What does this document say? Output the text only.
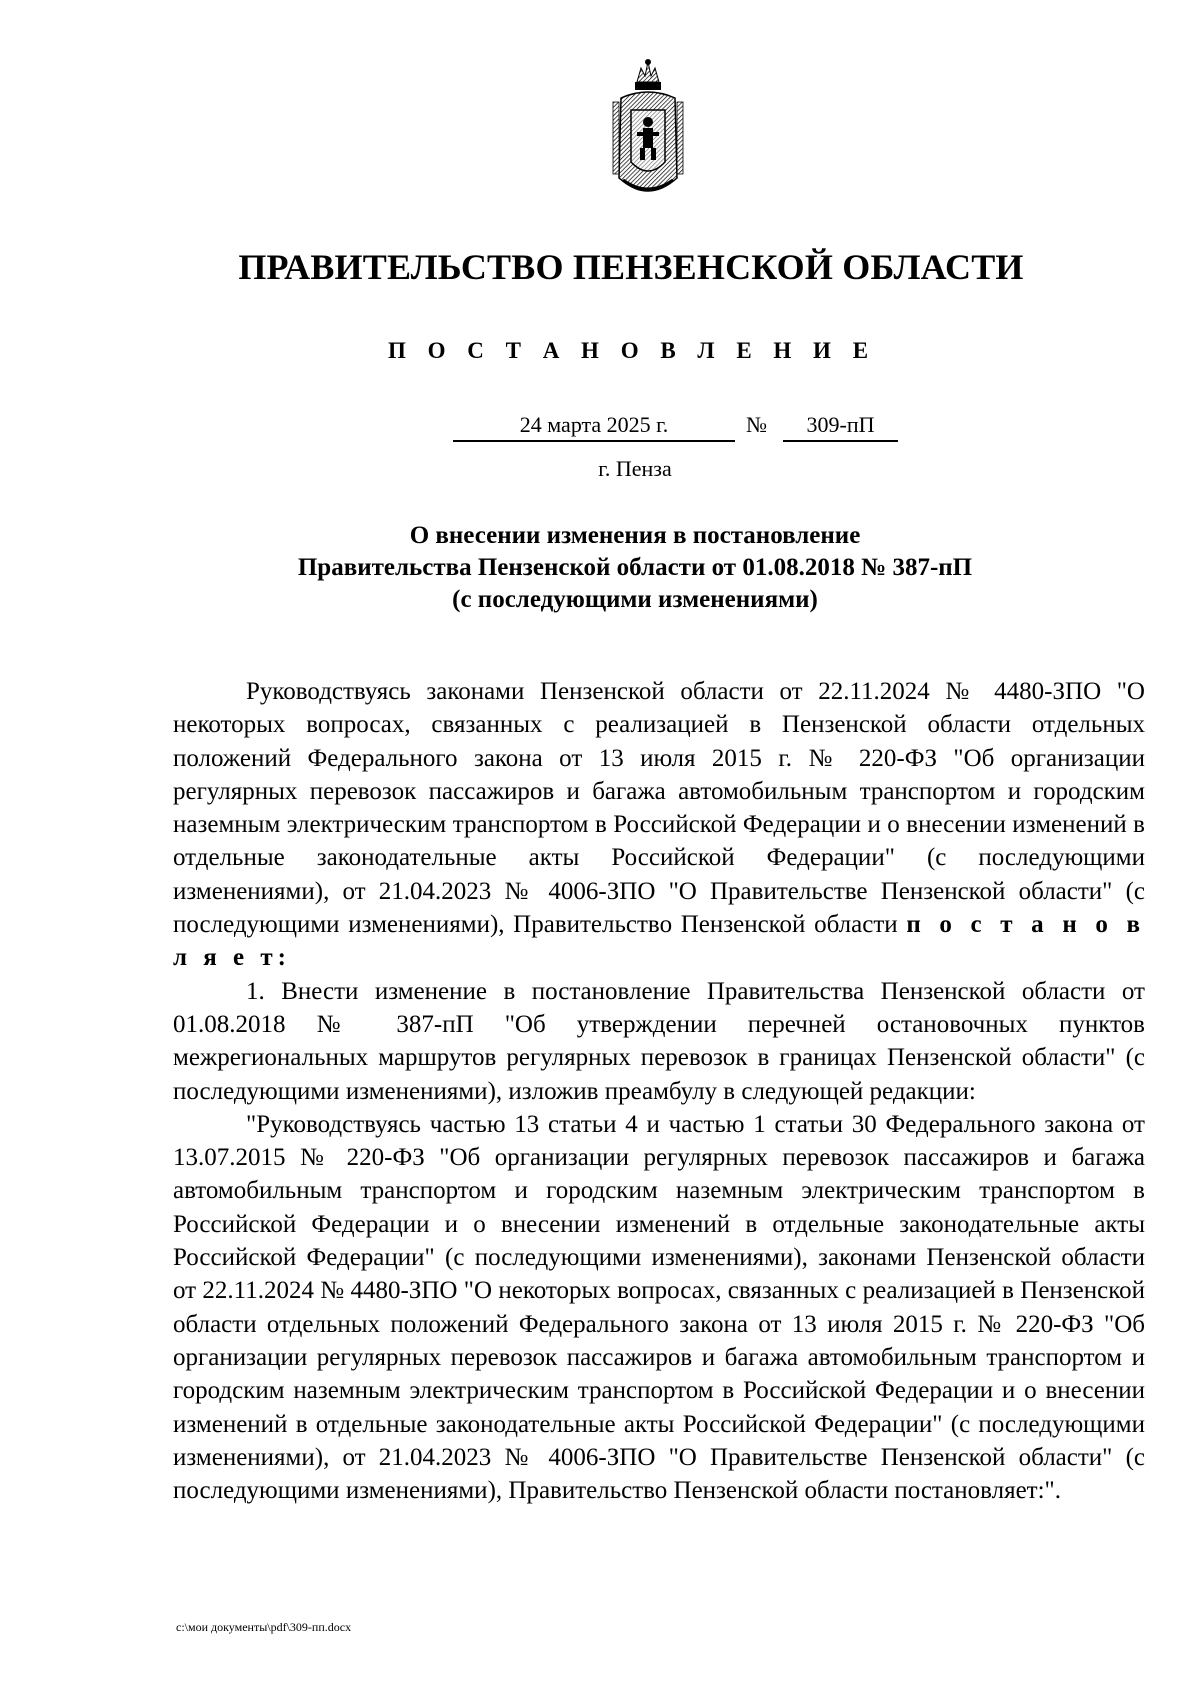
ПРАВИТЕЛЬСТВО ПЕНЗЕНСКОЙ ОБЛАСТИ
П О С Т А Н О В Л Е Н И Е
24 марта 2025 г.	№	309-пП
г. Пенза
О внесении изменения в постановление
Правительства Пензенской области от 01.08.2018 № 387-пП
(с последующими изменениями)

Руководствуясь законами Пензенской области от 22.11.2024 № 4480-ЗПО "О некоторых вопросах, связанных с реализацией в Пензенской области отдельных положений Федерального закона от 13 июля 2015 г. № 220-ФЗ "Об организации регулярных перевозок пассажиров и багажа автомобильным транспортом и городским наземным электрическим транспортом в Российской Федерации и о внесении изменений в отдельные законодательные акты Российской Федерации" (с последующими изменениями), от 21.04.2023 № 4006-ЗПО "О Правительстве Пензенской области" (с последующими изменениями), Правительство Пензенской области п о с т а н о в л я е т:

1. Внести изменение в постановление Правительства Пензенской области от 01.08.2018 № 387-пП "Об утверждении перечней остановочных пунктов межрегиональных маршрутов регулярных перевозок в границах Пензенской области" (с последующими изменениями), изложив преамбулу в следующей редакции:

"Руководствуясь частью 13 статьи 4 и частью 1 статьи 30 Федерального закона от 13.07.2015 № 220-ФЗ "Об организации регулярных перевозок пассажиров и багажа автомобильным транспортом и городским наземным электрическим транспортом в Российской Федерации и о внесении изменений в отдельные законодательные акты Российской Федерации" (с последующими изменениями), законами Пензенской области от 22.11.2024 № 4480-ЗПО "О некоторых вопросах, связанных с реализацией в Пензенской области отдельных положений Федерального закона от 13 июля 2015 г. № 220-ФЗ "Об организации регулярных перевозок пассажиров и багажа автомобильным транспортом и городским наземным электрическим транспортом в Российской Федерации и о внесении изменений в отдельные законодательные акты Российской Федерации" (с последующими изменениями), от 21.04.2023 № 4006-ЗПО "О Правительстве Пензенской области" (с последующими изменениями), Правительство Пензенской области постановляет:".

c:\мои документы\pdf\309-пп.docx
